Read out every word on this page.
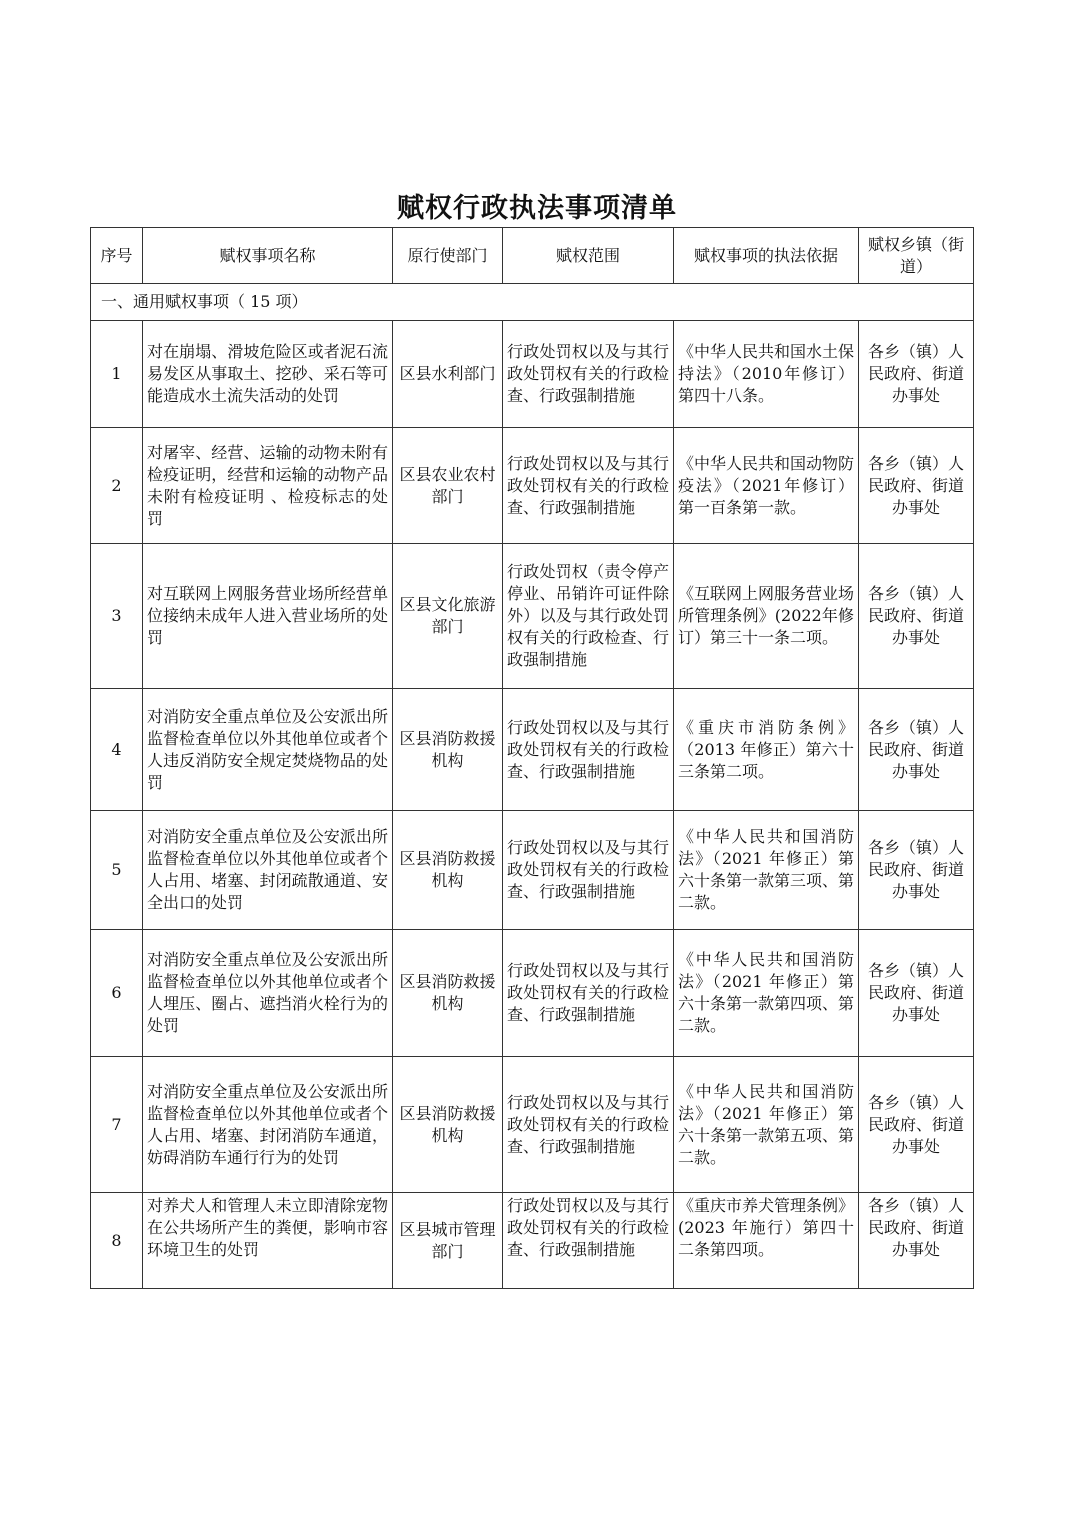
赋权行政执法事项清单
序号	赋权事项名称	原行使部门	赋权范围	赋权事项的执法依据	赋权乡镇（街道）
一、通用赋权事项（ 15 项）					
1	对在崩塌、滑坡危险区或者泥石流易发区从事取土、挖砂、采石等可能造成水土流失活动的处罚	区县水利部门	行政处罚权以及与其行政处罚权有关的行政检查、行政强制措施	《中华人民共和国水土保持法》（2010年修订）第四十八条。	各乡（镇）人民政府、街道办事处
2	对屠宰、经营、运输的动物未附有检疫证明，经营和运输的动物产品未附有检疫证明 、检疫标志的处罚	区县农业农村部门	行政处罚权以及与其行政处罚权有关的行政检查、行政强制措施	《中华人民共和国动物防疫法》（2021年修订）第一百条第一款。	各乡（镇）人民政府、街道办事处
3	对互联网上网服务营业场所经营单位接纳未成年人进入营业场所的处罚	区县文化旅游部门	行政处罚权（责令停产停业、吊销许可证件除外）以及与其行政处罚权有关的行政检查、行政强制措施	《互联网上网服务营业场所管理条例》(2022年修订）第三十一条二项。	各乡（镇）人民政府、街道办事处
4	对消防安全重点单位及公安派出所监督检查单位以外其他单位或者个人违反消防安全规定焚烧物品的处罚	区县消防救援机构	行政处罚权以及与其行政处罚权有关的行政检查、行政强制措施	《重庆市消防条例》（2013 年修正）第六十三条第二项。	各乡（镇）人民政府、街道办事处
5	对消防安全重点单位及公安派出所监督检查单位以外其他单位或者个人占用、堵塞、封闭疏散通道、安全出口的处罚	区县消防救援机构	行政处罚权以及与其行政处罚权有关的行政检查、行政强制措施	《中华人民共和国消防法》（2021 年修正）第六十条第一款第三项、第二款。	各乡（镇）人民政府、街道办事处
6	对消防安全重点单位及公安派出所监督检查单位以外其他单位或者个人埋压、圈占、遮挡消火栓行为的处罚	区县消防救援机构	行政处罚权以及与其行政处罚权有关的行政检查、行政强制措施	《中华人民共和国消防法》（2021 年修正）第六十条第一款第四项、第二款。	各乡（镇）人民政府、街道办事处
7	对消防安全重点单位及公安派出所监督检查单位以外其他单位或者个人占用、堵塞、封闭消防车通道，妨碍消防车通行行为的处罚	区县消防救援机构	行政处罚权以及与其行政处罚权有关的行政检查、行政强制措施	《中华人民共和国消防法》（2021 年修正）第六十条第一款第五项、第二款。	各乡（镇）人民政府、街道办事处
8	对养犬人和管理人未立即清除宠物在公共场所产生的粪便，影响市容环境卫生的处罚	区县城市管理部门	行政处罚权以及与其行政处罚权有关的行政检查、行政强制措施	《重庆市养犬管理条例》(2023 年施行）第四十二条第四项。	各乡（镇）人民政府、街道办事处
